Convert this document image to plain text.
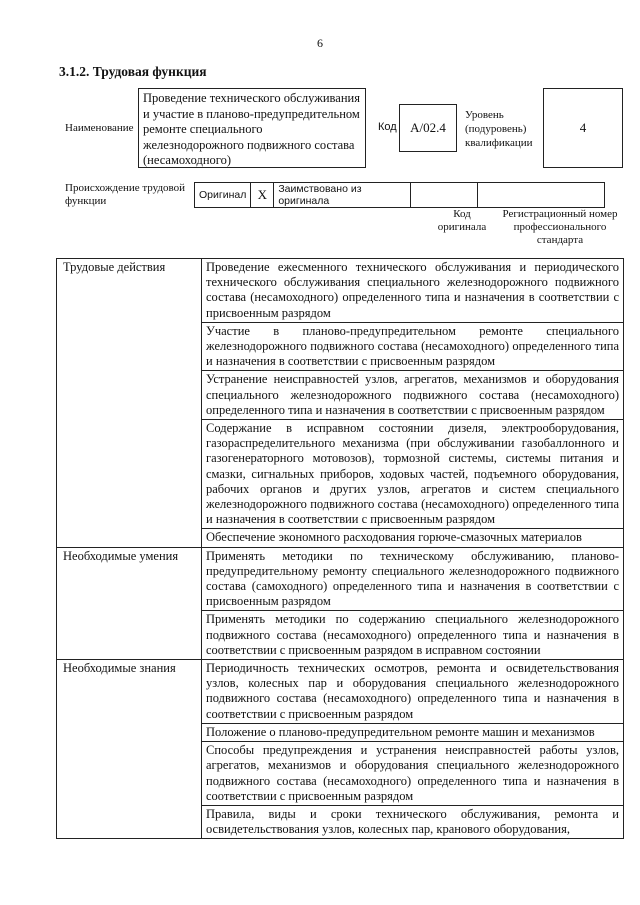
6
3.1.2. Трудовая функция
Наименование
Проведение технического обслуживания и участие в планово-предупредительном ремонте специального железнодорожного подвижного состава (несамоходного)
Код A/02.4
Уровень (подуровень) квалификации
4
Происхождение трудовой функции	Оригинал	X	Заимствовано из оригинала		
Код оригинала
Регистрационный номер профессионального стандарта
Трудовые действия	Проведение ежесменного технического обслуживания и периодического технического обслуживания специального железнодорожного подвижного состава (несамоходного) определенного типа и назначения в соответствии с присвоенным разрядом
	Участие в планово-предупредительном ремонте специального железнодорожного подвижного состава (несамоходного) определенного типа и назначения в соответствии с присвоенным разрядом
	Устранение неисправностей узлов, агрегатов, механизмов и оборудования специального железнодорожного подвижного состава (несамоходного) определенного типа и назначения в соответствии с присвоенным разрядом
	Содержание в исправном состоянии дизеля, электрооборудования, газораспределительного механизма (при обслуживании газобаллонного и газогенераторного мотовозов), тормозной системы, системы питания и смазки, сигнальных приборов, ходовых частей, подъемного оборудования, рабочих органов и других узлов, агрегатов и систем специального железнодорожного подвижного состава (несамоходного) определенного типа и назначения в соответствии с присвоенным разрядом
	Обеспечение экономного расходования горюче-смазочных материалов
Необходимые умения	Применять методики по техническому обслуживанию, планово-предупредительному ремонту специального железнодорожного подвижного состава (самоходного) определенного типа и назначения в соответствии с присвоенным разрядом
	Применять методики по содержанию специального железнодорожного подвижного состава (несамоходного) определенного типа и назначения в соответствии с присвоенным разрядом в исправном состоянии
Необходимые знания	Периодичность технических осмотров, ремонта и освидетельствования узлов, колесных пар и оборудования специального железнодорожного подвижного состава (несамоходного) определенного типа и назначения в соответствии с присвоенным разрядом
	Положение о планово-предупредительном ремонте машин и механизмов
	Способы предупреждения и устранения неисправностей работы узлов, агрегатов, механизмов и оборудования специального железнодорожного подвижного состава (несамоходного) определенного типа и назначения в соответствии с присвоенным разрядом
	Правила, виды и сроки технического обслуживания, ремонта и освидетельствования узлов, колесных пар, кранового оборудования,
